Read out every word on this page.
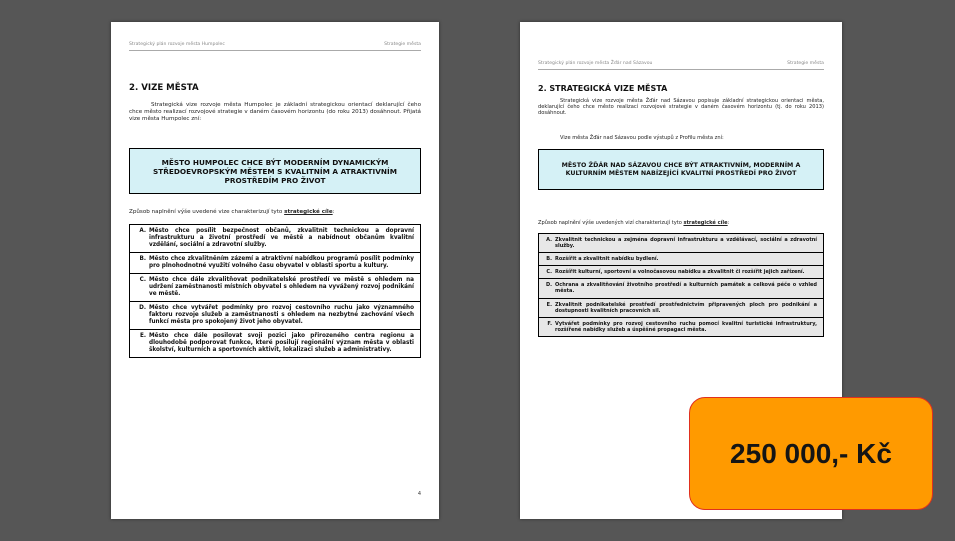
Strategický plán rozvoje města Humpolec	Strategie města
2. VIZE MĚSTA
Strategická vize rozvoje města Humpolec je základní strategickou orientací deklarující čeho chce město realizací rozvojové strategie v daném časovém horizontu (do roku 2013) dosáhnout. Přijatá vize města Humpolec zní:
MĚSTO HUMPOLEC CHCE BÝT MODERNÍM DYNAMICKÝM STŘEDOEVROPSKÝM MĚSTEM S KVALITNÍM A ATRAKTIVNÍM PROSTŘEDÍM PRO ŽIVOT
Způsob naplnění výše uvedené vize charakterizují tyto strategické cíle:
A. Město chce posílit bezpečnost občanů, zkvalitnit technickou a dopravní infrastrukturu a životní prostředí ve městě a nabídnout občanům kvalitní vzdělání, sociální a zdravotní služby.
B. Město chce zkvalitněním zázemí a atraktivní nabídkou programů posílit podmínky pro plnohodnotné využití volného času obyvatel v oblasti sportu a kultury.
C. Město chce dále zkvalitňovat podnikatelské prostředí ve městě s ohledem na udržení zaměstnanosti místních obyvatel s ohledem na vyvážený rozvoj podnikání ve městě.
D. Město chce vytvářet podmínky pro rozvoj cestovního ruchu jako významného faktoru rozvoje služeb a zaměstnanosti s ohledem na nezbytné zachování všech funkcí města pro spokojený život jeho obyvatel.
E. Město chce dále posilovat svoji pozici jako přirozeného centra regionu a dlouhodobě podporovat funkce, které posilují regionální význam města v oblasti školství, kulturních a sportovních aktivit, lokalizaci služeb a administrativy.
4
Strategický plán rozvoje města Žďár nad Sázavou	Strategie města
2. STRATEGICKÁ VIZE MĚSTA
Strategická vize rozvoje města Žďár nad Sázavou popisuje základní strategickou orientaci města, deklarující čeho chce město realizací rozvojové strategie v daném časovém horizontu (tj. do roku 2013) dosáhnout.
Vize města Žďár nad Sázavou podle výstupů z Profilu města zní:
MĚSTO ŽĎÁR NAD SÁZAVOU CHCE BÝT ATRAKTIVNÍM, MODERNÍM A KULTURNÍM MĚSTEM NABÍZEJÍCÍ KVALITNÍ PROSTŘEDÍ PRO ŽIVOT
Způsob naplnění výše uvedených vizí charakterizují tyto strategické cíle:
A. Zkvalitnit technickou a zejména dopravní infrastrukturu a vzdělávací, sociální a zdravotní služby.
B. Rozšířit a zkvalitnit nabídku bydlení.
C. Rozšířit kulturní, sportovní a volnočasovou nabídku a zkvalitnit či rozšířit jejich zařízení.
D. Ochrana a zkvalitňování životního prostředí a kulturních památek a celková péče o vzhled města.
E. Zkvalitnit podnikatelské prostředí prostřednictvím připravených ploch pro podnikání a dostupnosti kvalitních pracovních sil.
F. Vytvářet podmínky pro rozvoj cestovního ruchu pomocí kvalitní turistické infrastruktury, rozšířené nabídky služeb a úspěšné propagaci města.
250 000,- Kč
